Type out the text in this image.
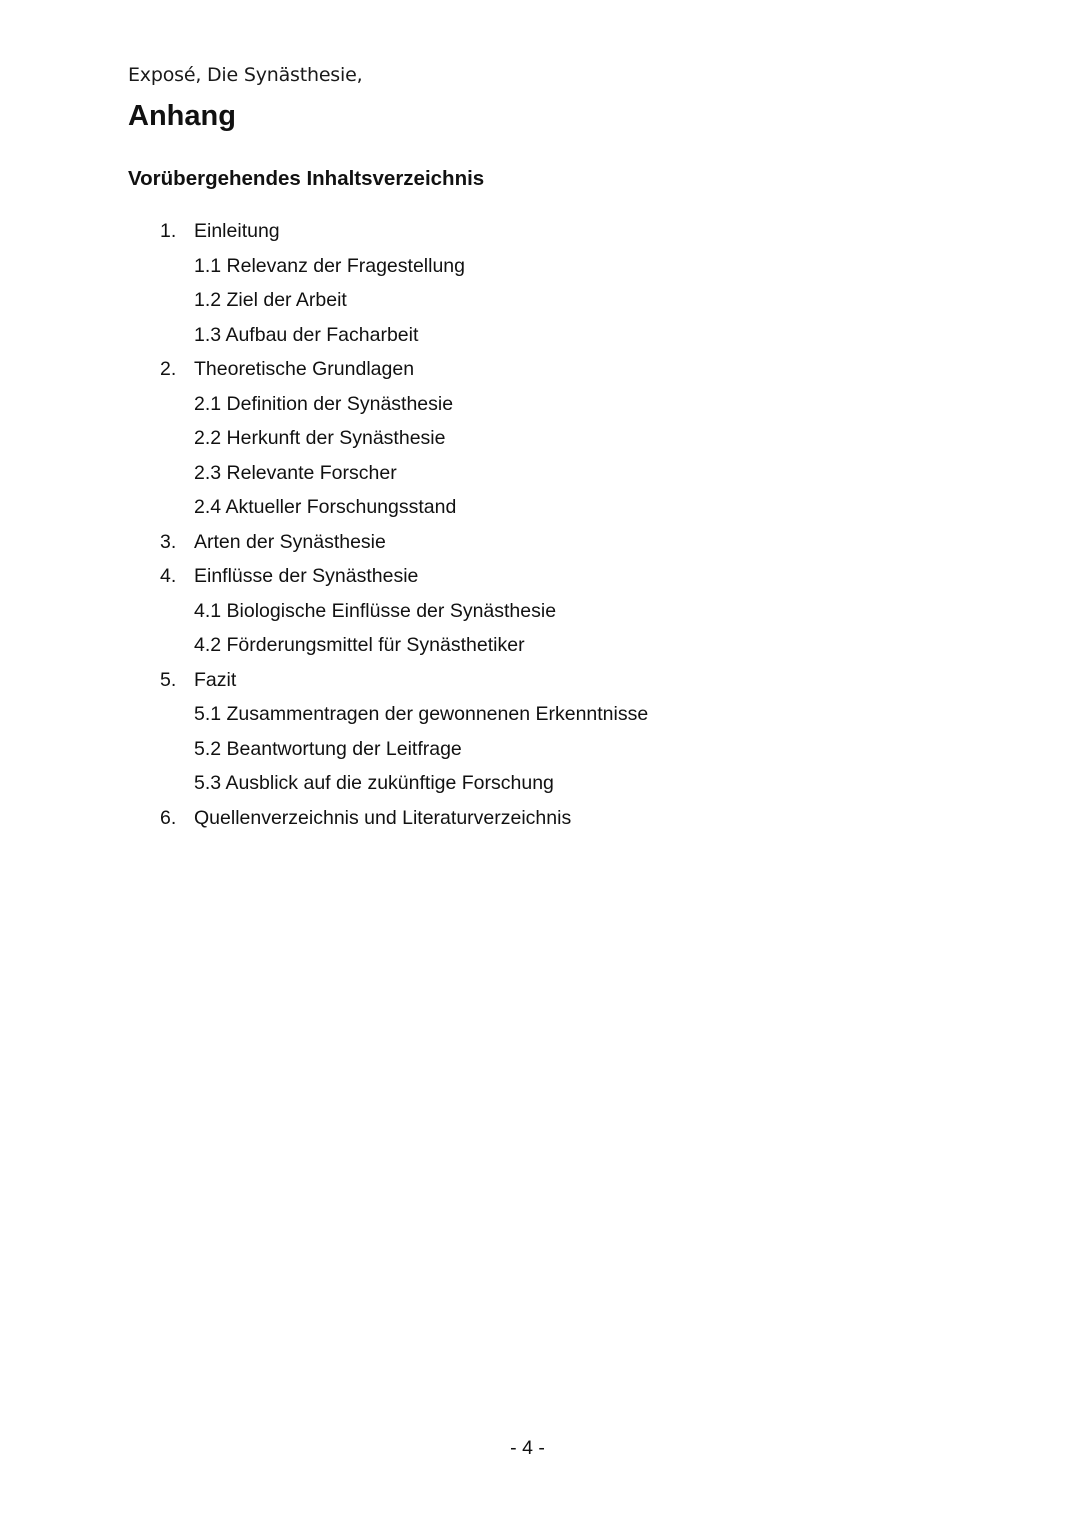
Exposé, Die Synästhesie,
Anhang
Vorübergehendes Inhaltsverzeichnis
1. Einleitung
1.1 Relevanz der Fragestellung
1.2 Ziel der Arbeit
1.3 Aufbau der Facharbeit
2. Theoretische Grundlagen
2.1 Definition der Synästhesie
2.2 Herkunft der Synästhesie
2.3 Relevante Forscher
2.4 Aktueller Forschungsstand
3. Arten der Synästhesie
4. Einflüsse der Synästhesie
4.1 Biologische Einflüsse der Synästhesie
4.2 Förderungsmittel für Synästhetiker
5. Fazit
5.1 Zusammentragen der gewonnenen Erkenntnisse
5.2 Beantwortung der Leitfrage
5.3 Ausblick auf die zukünftige Forschung
6. Quellenverzeichnis und Literaturverzeichnis
- 4 -
